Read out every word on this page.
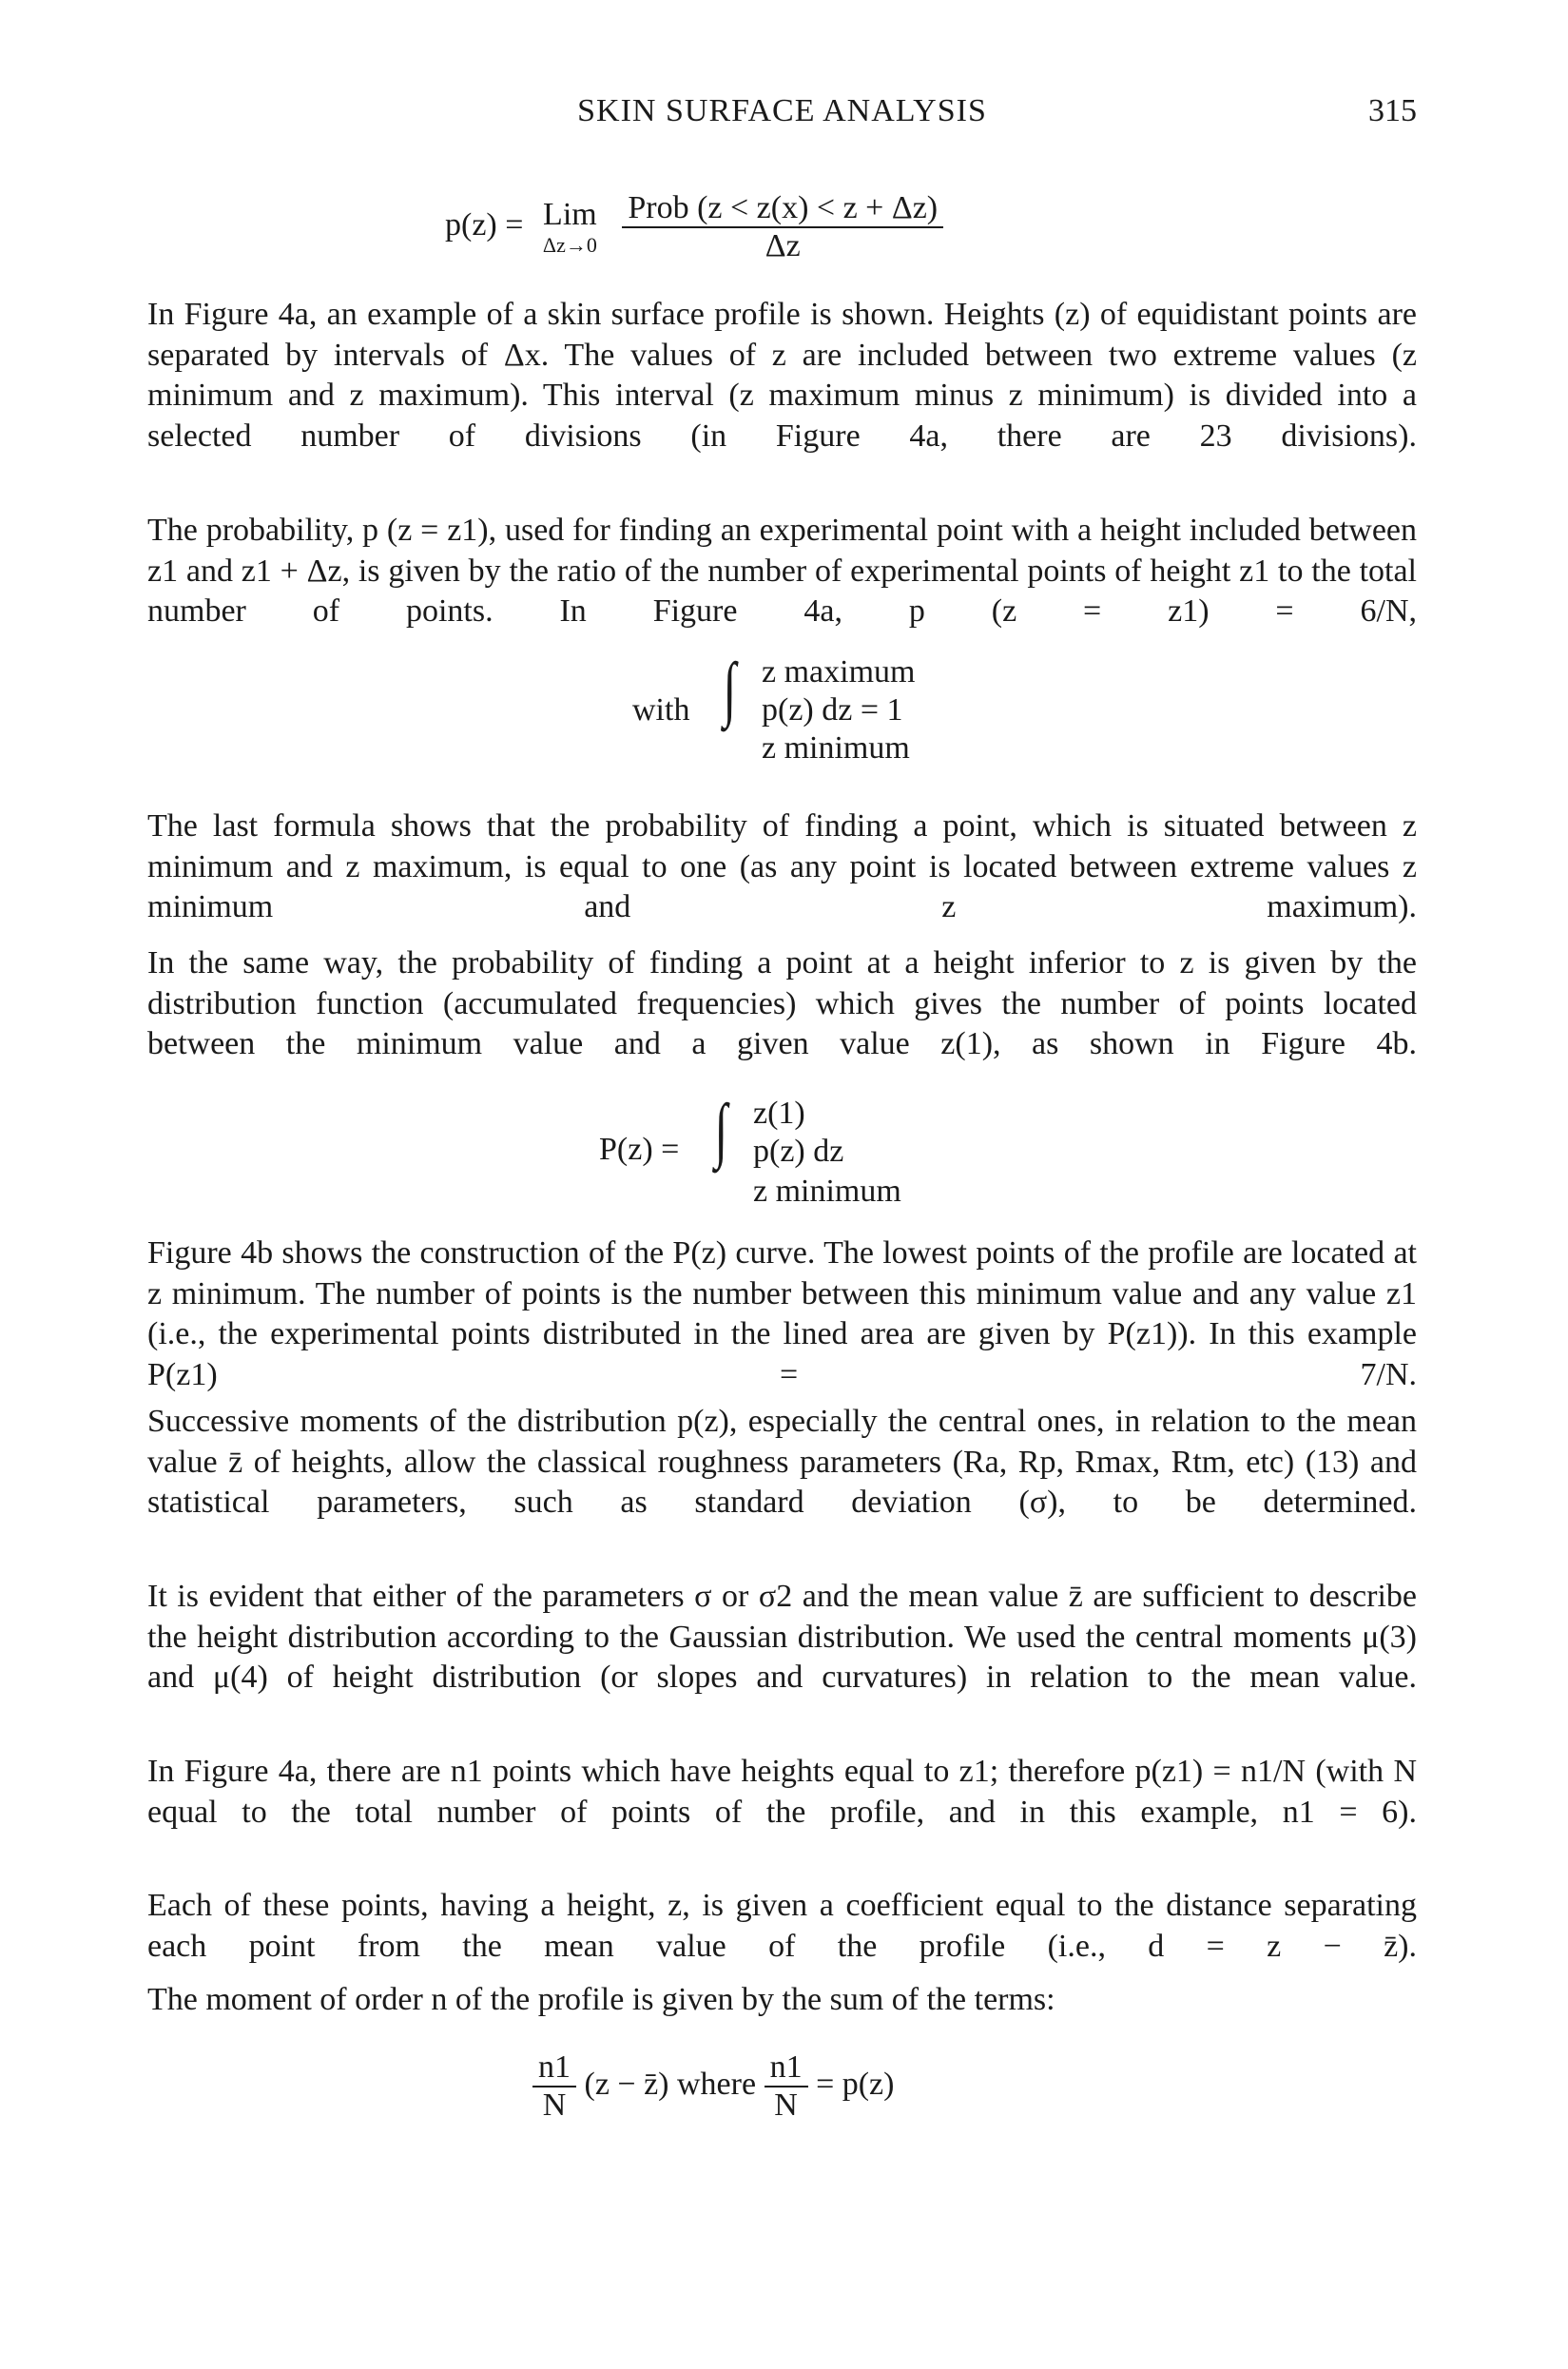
SKIN SURFACE ANALYSIS	315
p(z) = Lim
Δz→0
$\frac{\text{Prob (z < z(x) < z + Δz)}}{\Delta z}$

In Figure 4a, an example of a skin surface profile is shown. Heights (z) of equidistant points are separated by intervals of Δx. The values of z are included between two extreme values (z minimum and z maximum). This interval (z maximum minus z minimum) is divided into a selected number of divisions (in Figure 4a, there are 23 divisions).

The probability, p (z = z1), used for finding an experimental point with a height included between z1 and z1 + Δz, is given by the ratio of the number of experimental points of height z1 to the total number of points. In Figure 4a, p (z = z1) = 6/N,

with ∫ z maximum
p(z) dz = 1
z minimum

The last formula shows that the probability of finding a point, which is situated between z minimum and z maximum, is equal to one (as any point is located between extreme values z minimum and z maximum).

In the same way, the probability of finding a point at a height inferior to z is given by the distribution function (accumulated frequencies) which gives the number of points located between the minimum value and a given value z(1), as shown in Figure 4b.

P(z) = ∫ z(1)
p(z) dz
z minimum

Figure 4b shows the construction of the P(z) curve. The lowest points of the profile are located at z minimum. The number of points is the number between this minimum value and any value z1 (i.e., the experimental points distributed in the lined area are given by P(z1)). In this example P(z1) = 7/N.

Successive moments of the distribution p(z), especially the central ones, in relation to the mean value z̄ of heights, allow the classical roughness parameters (Ra, Rp, Rmax, Rtm, etc) (13) and statistical parameters, such as standard deviation (σ), to be determined.

It is evident that either of the parameters σ or σ2 and the mean value z̄ are sufficient to describe the height distribution according to the Gaussian distribution. We used the central moments μ(3) and μ(4) of height distribution (or slopes and curvatures) in relation to the mean value.

In Figure 4a, there are n1 points which have heights equal to z1; therefore p(z1) = n1/N (with N equal to the total number of points of the profile, and in this example, n1 = 6).

Each of these points, having a height, z, is given a coefficient equal to the distance separating each point from the mean value of the profile (i.e., d = z − z̄).

The moment of order n of the profile is given by the sum of the terms:

$\frac{n1}{N} (z$ − z̄) where $\frac{n1}{N} = p(z)$
